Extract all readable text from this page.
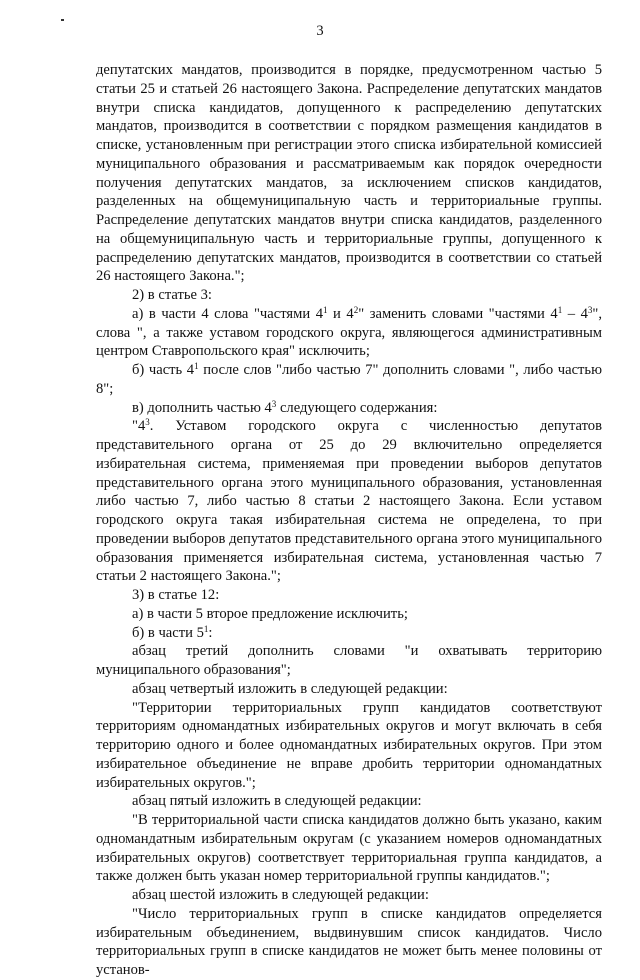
3

депутатских мандатов, производится в порядке, предусмотренном частью 5 статьи 25 и статьей 26 настоящего Закона. Распределение депутатских мандатов внутри списка кандидатов, допущенного к распределению депутатских мандатов, производится в соответствии с порядком размещения кандидатов в списке, установленным при регистрации этого списка избирательной комиссией муниципального образования и рассматриваемым как порядок очередности получения депутатских мандатов, за исключением списков кандидатов, разделенных на общемуниципальную часть и территориальные группы. Распределение депутатских мандатов внутри списка кандидатов, разделенного на общемуниципальную часть и территориальные группы, допущенного к распределению депутатских мандатов, производится в соответствии со статьей 26 настоящего Закона.";

2) в статье 3:

а) в части 4 слова "частями $4^1$ и $4^2$" заменить словами "частями $4^1 - 4^3$", слова ", а также уставом городского округа, являющегося административным центром Ставропольского края" исключить;

б) часть $4^1$ после слов "либо частью 7" дополнить словами ", либо частью 8";

в) дополнить частью $4^3$ следующего содержания:

"$4^3$. Уставом городского округа с численностью депутатов представительного органа от 25 до 29 включительно определяется избирательная система, применяемая при проведении выборов депутатов представительного органа этого муниципального образования, установленная либо частью 7, либо частью 8 статьи 2 настоящего Закона. Если уставом городского округа такая избирательная система не определена, то при проведении выборов депутатов представительного органа этого муниципального образования применяется избирательная система, установленная частью 7 статьи 2 настоящего Закона.";

3) в статье 12:

а) в части 5 второе предложение исключить;

б) в части $5^1$:

абзац третий дополнить словами "и охватывать территорию муниципального образования";

абзац четвертый изложить в следующей редакции:

"Территории территориальных групп кандидатов соответствуют территориям одномандатных избирательных округов и могут включать в себя территорию одного и более одномандатных избирательных округов. При этом избирательное объединение не вправе дробить территории одномандатных избирательных округов.";

абзац пятый изложить в следующей редакции:

"В территориальной части списка кандидатов должно быть указано, каким одномандатным избирательным округам (с указанием номеров одномандатных избирательных округов) соответствует территориальная группа кандидатов, а также должен быть указан номер территориальной группы кандидатов.";

абзац шестой изложить в следующей редакции:

"Число территориальных групп в списке кандидатов определяется избирательным объединением, выдвинувшим список кандидатов. Число территориальных групп в списке кандидатов не может быть менее половины от установ-
